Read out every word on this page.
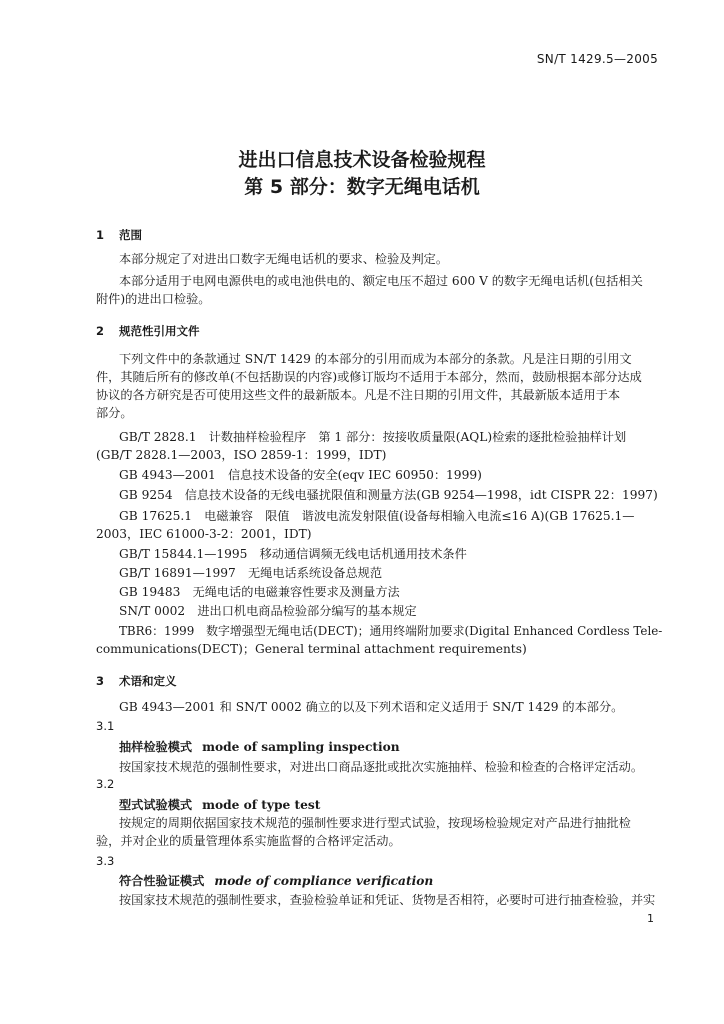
SN/T 1429.5—2005
进出口信息技术设备检验规程
第 5 部分：数字无绳电话机
1 范围
本部分规定了对进出口数字无绳电话机的要求、检验及判定。
本部分适用于电网电源供电的或电池供电的、额定电压不超过 600 V 的数字无绳电话机(包括相关
附件)的进出口检验。
2 规范性引用文件
下列文件中的条款通过 SN/T 1429 的本部分的引用而成为本部分的条款。凡是注日期的引用文
件，其随后所有的修改单(不包括勘误的内容)或修订版均不适用于本部分，然而，鼓励根据本部分达成
协议的各方研究是否可使用这些文件的最新版本。凡是不注日期的引用文件，其最新版本适用于本
部分。
GB/T 2828.1　计数抽样检验程序　第 1 部分：按接收质量限(AQL)检索的逐批检验抽样计划
(GB/T 2828.1—2003，ISO 2859-1：1999，IDT)
GB 4943—2001　信息技术设备的安全(eqv IEC 60950：1999)
GB 9254　信息技术设备的无线电骚扰限值和测量方法(GB 9254—1998，idt CISPR 22：1997)
GB 17625.1　电磁兼容　限值　谐波电流发射限值(设备每相输入电流≤16 A)(GB 17625.1—
2003，IEC 61000-3-2：2001，IDT)
GB/T 15844.1—1995　移动通信调频无线电话机通用技术条件
GB/T 16891—1997　无绳电话系统设备总规范
GB 19483　无绳电话的电磁兼容性要求及测量方法
SN/T 0002　进出口机电商品检验部分编写的基本规定
TBR6：1999　数字增强型无绳电话(DECT)；通用终端附加要求(Digital Enhanced Cordless Tele-
communications(DECT)；General terminal attachment requirements)
3 术语和定义
GB 4943—2001 和 SN/T 0002 确立的以及下列术语和定义适用于 SN/T 1429 的本部分。
3.1
抽样检验模式 mode of sampling inspection
按国家技术规范的强制性要求，对进出口商品逐批或批次实施抽样、检验和检查的合格评定活动。
3.2
型式试验模式 mode of type test
按规定的周期依据国家技术规范的强制性要求进行型式试验，按现场检验规定对产品进行抽批检
验，并对企业的质量管理体系实施监督的合格评定活动。
3.3
符合性验证模式 mode of compliance verification
按国家技术规范的强制性要求，查验检验单证和凭证、货物是否相符，必要时可进行抽查检验，并实
1
